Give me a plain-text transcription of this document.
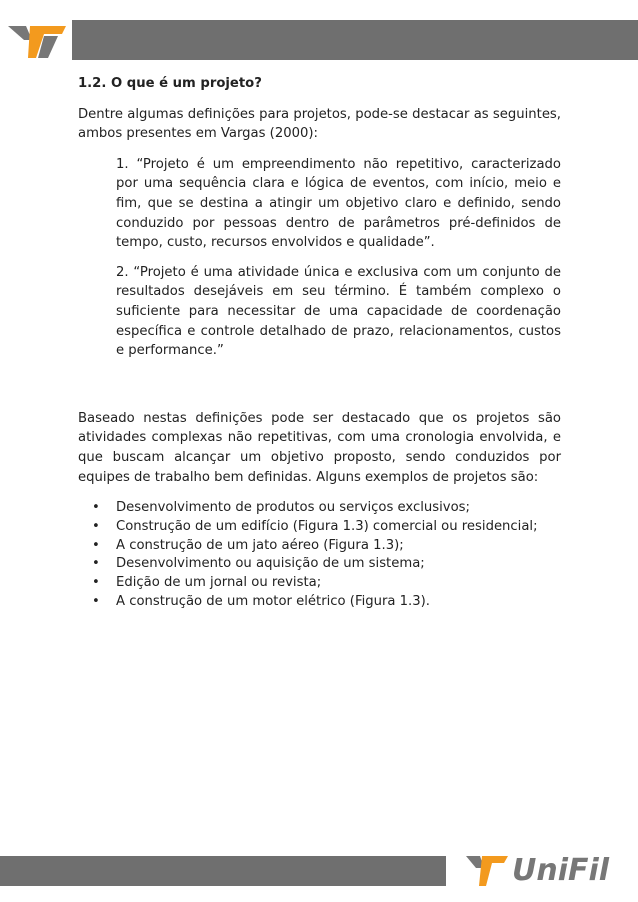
1.2. O que é um projeto?

Dentre algumas definições para projetos, pode-se destacar as seguintes, ambos presentes em Vargas (2000):

1. “Projeto é um empreendimento não repetitivo, caracterizado por uma sequência clara e lógica de eventos, com início, meio e fim, que se destina a atingir um objetivo claro e definido, sendo conduzido por pessoas dentro de parâmetros pré-definidos de tempo, custo, recursos envolvidos e qualidade”.

2. “Projeto é uma atividade única e exclusiva com um conjunto de resultados desejáveis em seu término. É também complexo o suficiente para necessitar de uma capacidade de coordenação específica e controle detalhado de prazo, relacionamentos, custos e performance.”

Baseado nestas definições pode ser destacado que os projetos são atividades complexas não repetitivas, com uma cronologia envolvida, e que buscam alcançar um objetivo proposto, sendo conduzidos por equipes de trabalho bem definidas. Alguns exemplos de projetos são:

• Desenvolvimento de produtos ou serviços exclusivos;
• Construção de um edifício (Figura 1.3) comercial ou residencial;
• A construção de um jato aéreo (Figura 1.3);
• Desenvolvimento ou aquisição de um sistema;
• Edição de um jornal ou revista;
• A construção de um motor elétrico (Figura 1.3).
UniFil
